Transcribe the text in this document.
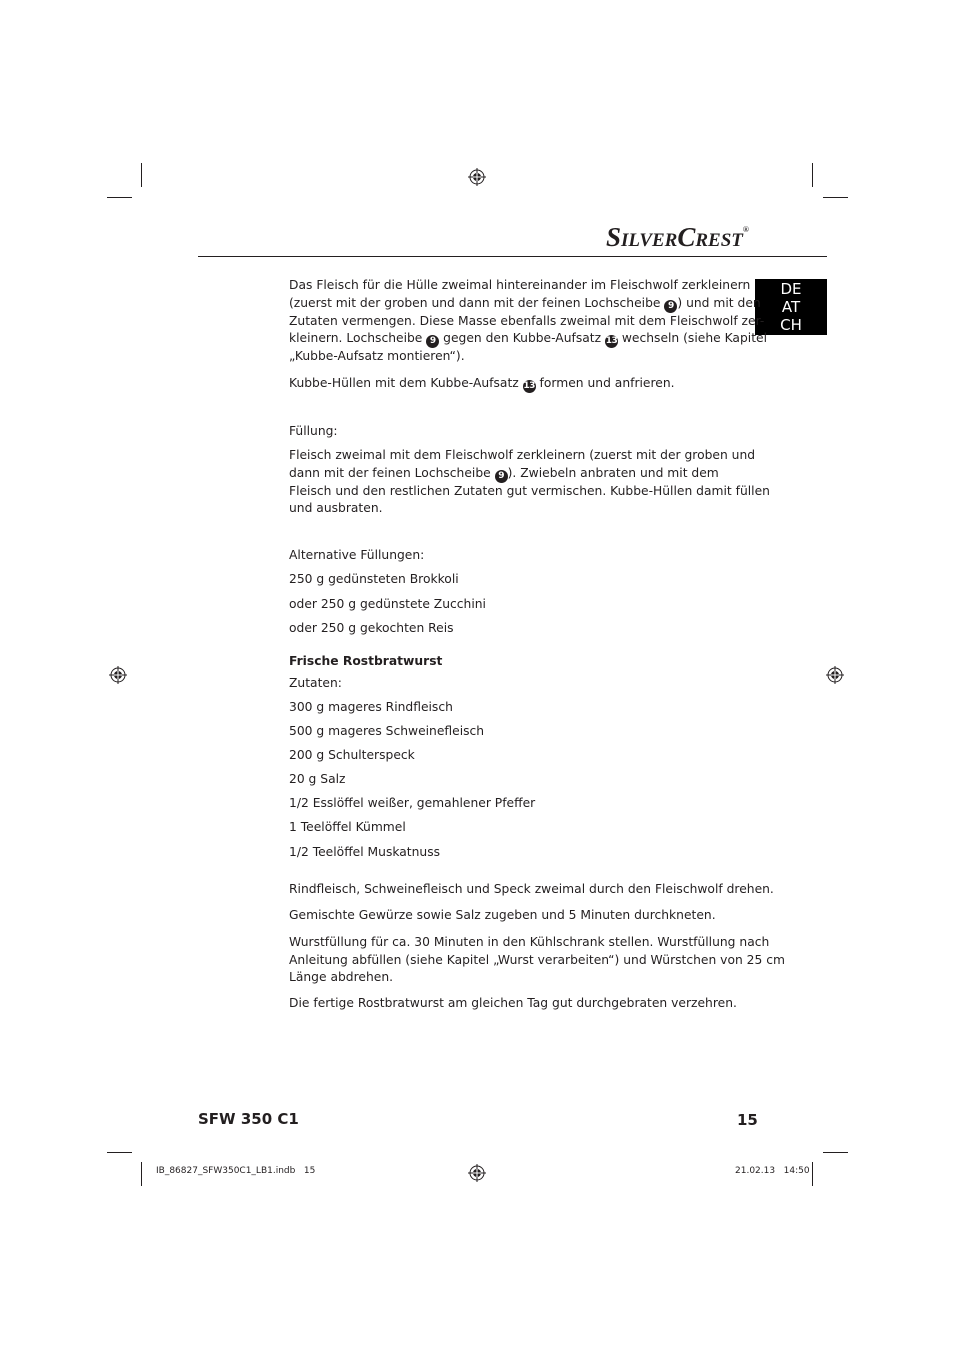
SILVERCREST®
DE
AT
CH
Das Fleisch für die Hülle zweimal hintereinander im Fleischwolf zerkleinern
(zuerst mit der groben und dann mit der feinen Lochscheibe 9 ) und mit den
Zutaten vermengen. Diese Masse ebenfalls zweimal mit dem Fleischwolf zer-
kleinern. Lochscheibe 9 gegen den Kubbe-Aufsatz 13 wechseln (siehe Kapitel
„Kubbe-Aufsatz montieren“).
Kubbe-Hüllen mit dem Kubbe-Aufsatz 13 formen und anfrieren.
Füllung:
Fleisch zweimal mit dem Fleischwolf zerkleinern (zuerst mit der groben und
dann mit der feinen Lochscheibe 9 ). Zwiebeln anbraten und mit dem
Fleisch und den restlichen Zutaten gut vermischen. Kubbe-Hüllen damit füllen
und ausbraten.
Alternative Füllungen:
250 g gedünsteten Brokkoli
oder 250 g gedünstete Zucchini
oder 250 g gekochten Reis
Frische Rostbratwurst
Zutaten:
300 g mageres Rindfleisch
500 g mageres Schweinefleisch
200 g Schulterspeck
20 g Salz
1/2 Esslöffel weißer, gemahlener Pfeffer
1 Teelöffel Kümmel
1/2 Teelöffel Muskatnuss
Rindfleisch, Schweinefleisch und Speck zweimal durch den Fleischwolf drehen.
Gemischte Gewürze sowie Salz zugeben und 5 Minuten durchkneten.
Wurstfüllung für ca. 30 Minuten in den Kühlschrank stellen. Wurstfüllung nach
Anleitung abfüllen (siehe Kapitel „Wurst verarbeiten“) und Würstchen von 25 cm
Länge abdrehen.
Die fertige Rostbratwurst am gleichen Tag gut durchgebraten verzehren.
SFW 350 C1	15
IB_86827_SFW350C1_LB1.indb   15	21.02.13   14:50
